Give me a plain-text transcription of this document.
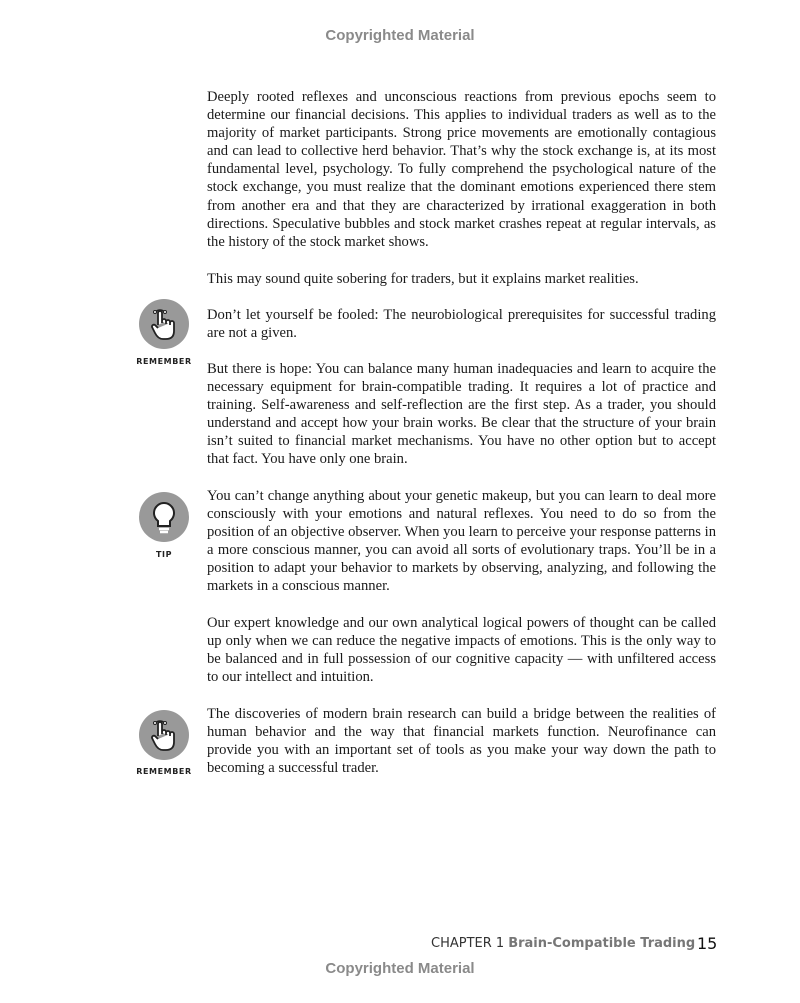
Copyrighted Material

Deeply rooted reflexes and unconscious reactions from previous epochs seem to determine our financial decisions. This applies to individual traders as well as to the majority of market participants. Strong price movements are emotionally contagious and can lead to collective herd behavior. That’s why the stock exchange is, at its most fundamental level, psychology. To fully comprehend the psychological nature of the stock exchange, you must realize that the dominant emotions experienced there stem from another era and that they are characterized by irrational exaggeration in both directions. Speculative bubbles and stock market crashes repeat at regular intervals, as the history of the stock market shows.

This may sound quite sobering for traders, but it explains market realities.

Don’t let yourself be fooled: The neurobiological prerequisites for successful trading are not a given.

But there is hope: You can balance many human inadequacies and learn to acquire the necessary equipment for brain-compatible trading. It requires a lot of practice and training. Self-awareness and self-reflection are the first step. As a trader, you should understand and accept how your brain works. Be clear that the structure of your brain isn’t suited to financial market mechanisms. You have no other option but to accept that fact. You have only one brain.

You can’t change anything about your genetic makeup, but you can learn to deal more consciously with your emotions and natural reflexes. You need to do so from the position of an objective observer. When you learn to perceive your response patterns in a more conscious manner, you can avoid all sorts of evolutionary traps. You’ll be in a position to adapt your behavior to markets by observing, analyzing, and following the markets in a conscious manner.

Our expert knowledge and our own analytical logical powers of thought can be called up only when we can reduce the negative impacts of emotions. This is the only way to be balanced and in full possession of our cognitive capacity — with unfiltered access to our intellect and intuition.

The discoveries of modern brain research can build a bridge between the realities of human behavior and the way that financial markets function. Neurofinance can provide you with an important set of tools as you make your way down the path to becoming a successful trader.

REMEMBER
TIP
REMEMBER
CHAPTER 1 Brain-Compatible Trading 15
Copyrighted Material
